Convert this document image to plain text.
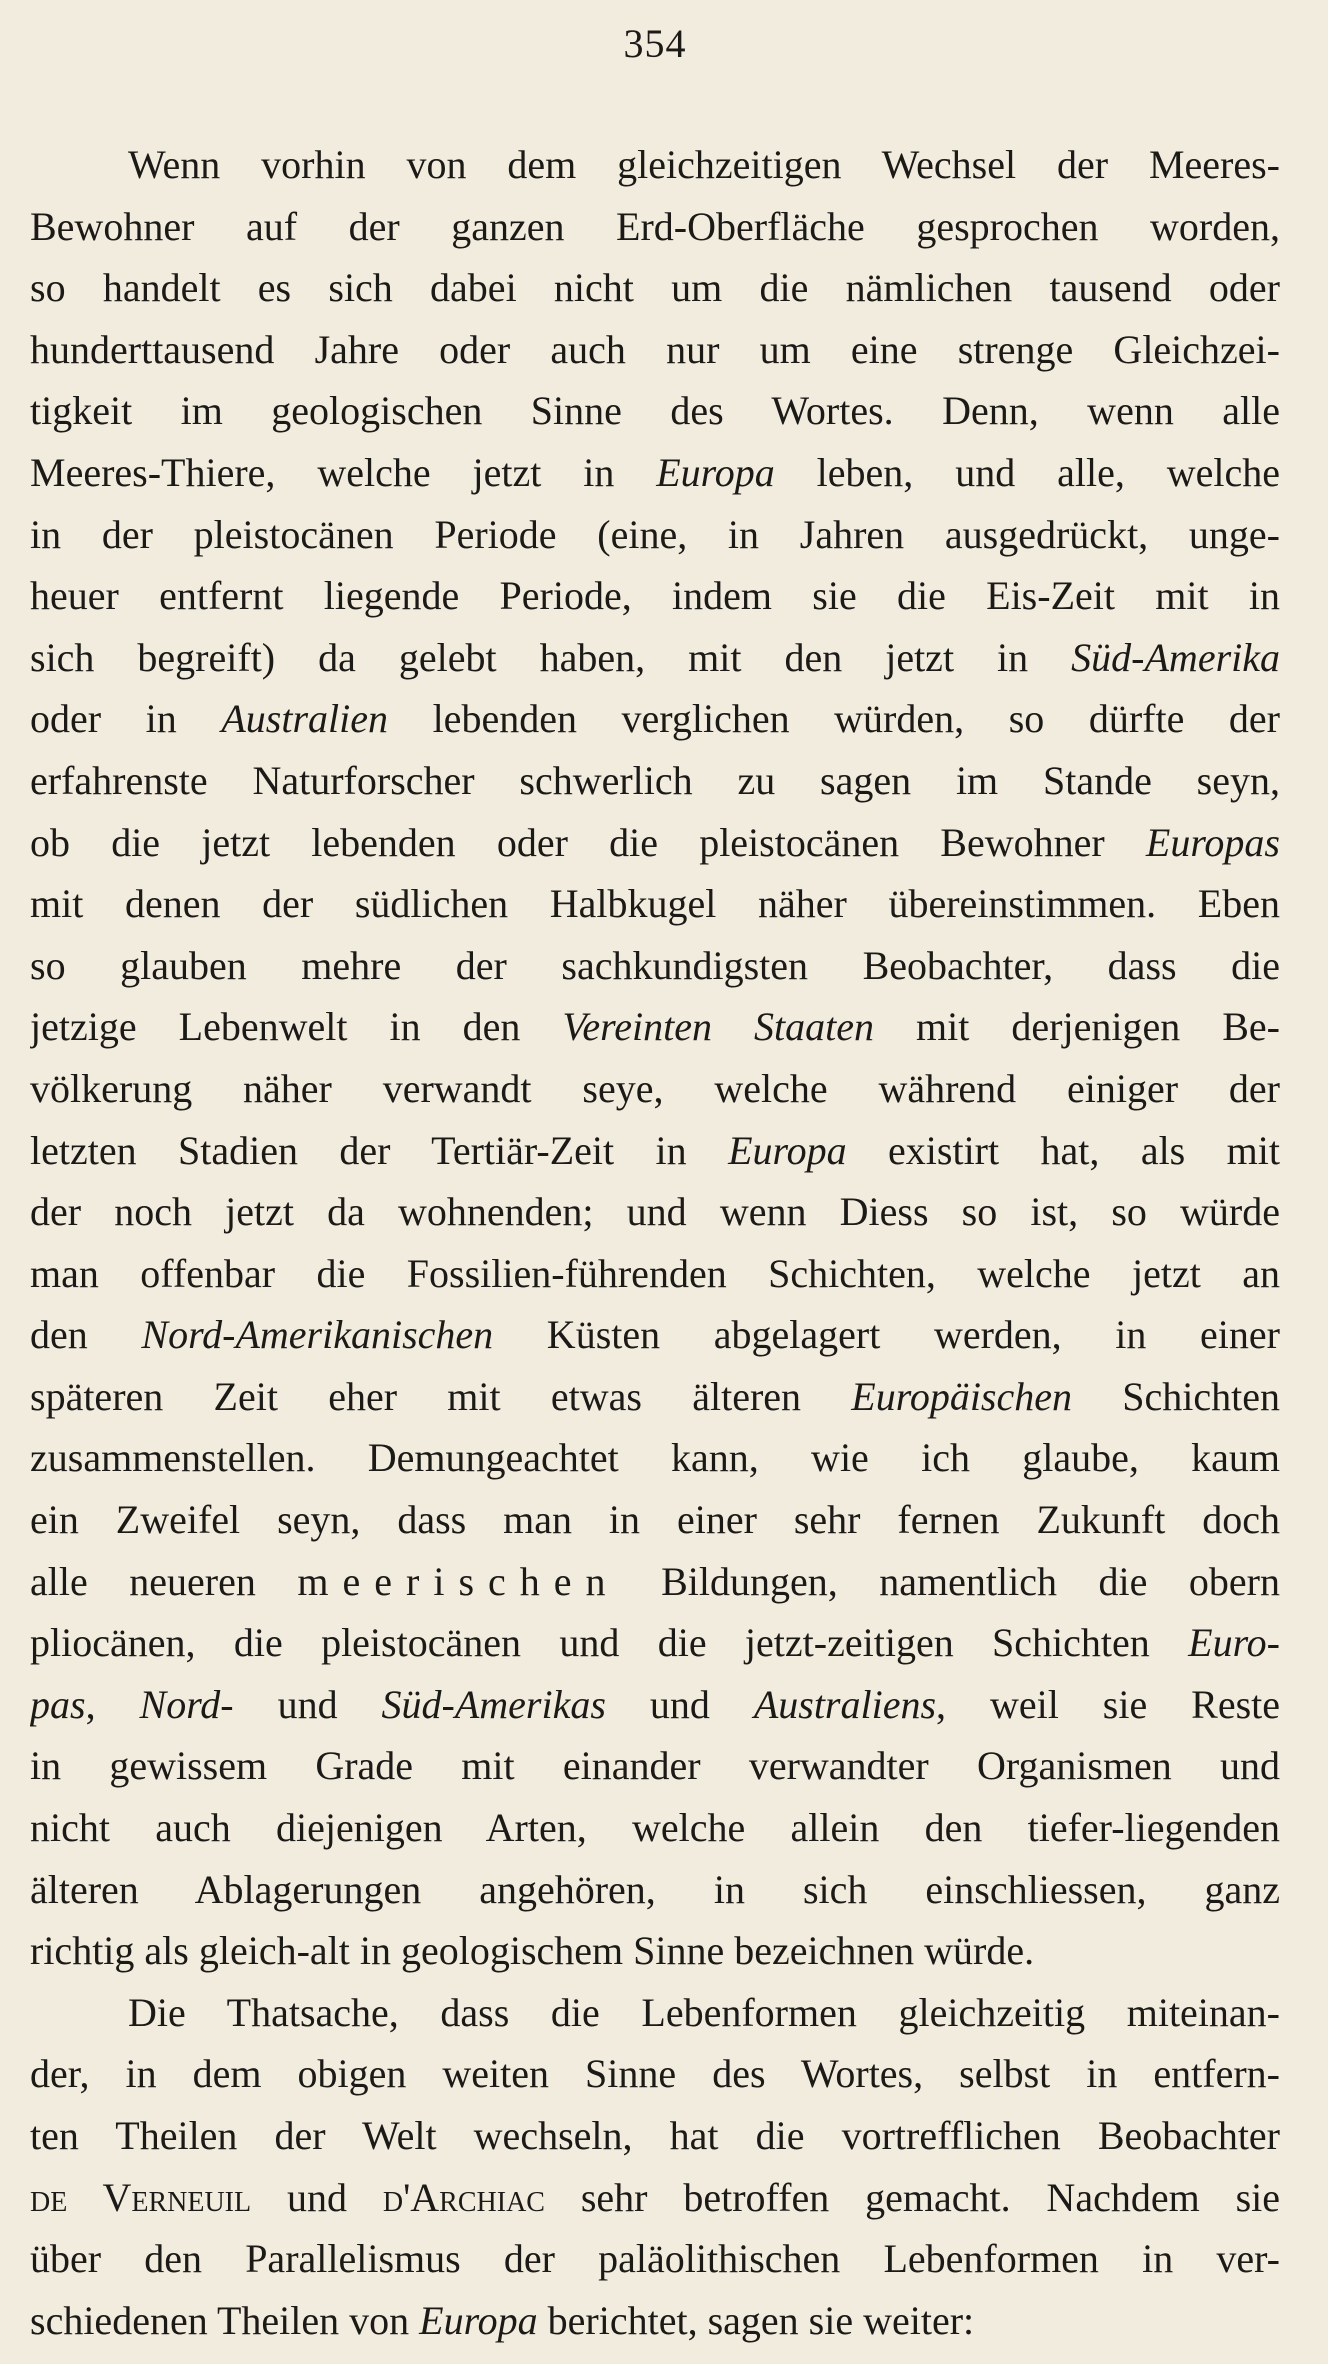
354
Wenn vorhin von dem gleichzeitigen Wechsel der Meeres-
Bewohner auf der ganzen Erd-Oberfläche gesprochen worden,
so handelt es sich dabei nicht um die nämlichen tausend oder
hunderttausend Jahre oder auch nur um eine strenge Gleichzei-
tigkeit im geologischen Sinne des Wortes. Denn, wenn alle
Meeres-Thiere, welche jetzt in Europa leben, und alle, welche
in der pleistocänen Periode (eine, in Jahren ausgedrückt, unge-
heuer entfernt liegende Periode, indem sie die Eis-Zeit mit in
sich begreift) da gelebt haben, mit den jetzt in Süd-Amerika
oder in Australien lebenden verglichen würden, so dürfte der
erfahrenste Naturforscher schwerlich zu sagen im Stande seyn,
ob die jetzt lebenden oder die pleistocänen Bewohner Europas
mit denen der südlichen Halbkugel näher übereinstimmen. Eben
so glauben mehre der sachkundigsten Beobachter, dass die
jetzige Lebenwelt in den Vereinten Staaten mit derjenigen Be-
völkerung näher verwandt seye, welche während einiger der
letzten Stadien der Tertiär-Zeit in Europa existirt hat, als mit
der noch jetzt da wohnenden; und wenn Diess so ist, so würde
man offenbar die Fossilien-führenden Schichten, welche jetzt an
den Nord-Amerikanischen Küsten abgelagert werden, in einer
späteren Zeit eher mit etwas älteren Europäischen Schichten
zusammenstellen. Demungeachtet kann, wie ich glaube, kaum
ein Zweifel seyn, dass man in einer sehr fernen Zukunft doch
alle neueren meerischen Bildungen, namentlich die obern
pliocänen, die pleistocänen und die jetzt-zeitigen Schichten Euro-
pas, Nord- und Süd-Amerikas und Australiens, weil sie Reste
in gewissem Grade mit einander verwandter Organismen und
nicht auch diejenigen Arten, welche allein den tiefer-liegenden
älteren Ablagerungen angehören, in sich einschliessen, ganz
richtig als gleich-alt in geologischem Sinne bezeichnen würde.
Die Thatsache, dass die Lebenformen gleichzeitig miteinan-
der, in dem obigen weiten Sinne des Wortes, selbst in entfern-
ten Theilen der Welt wechseln, hat die vortrefflichen Beobachter
de Verneuil und d'Archiac sehr betroffen gemacht. Nachdem sie
über den Parallelismus der paläolithischen Lebenformen in ver-
schiedenen Theilen von Europa berichtet, sagen sie weiter:
